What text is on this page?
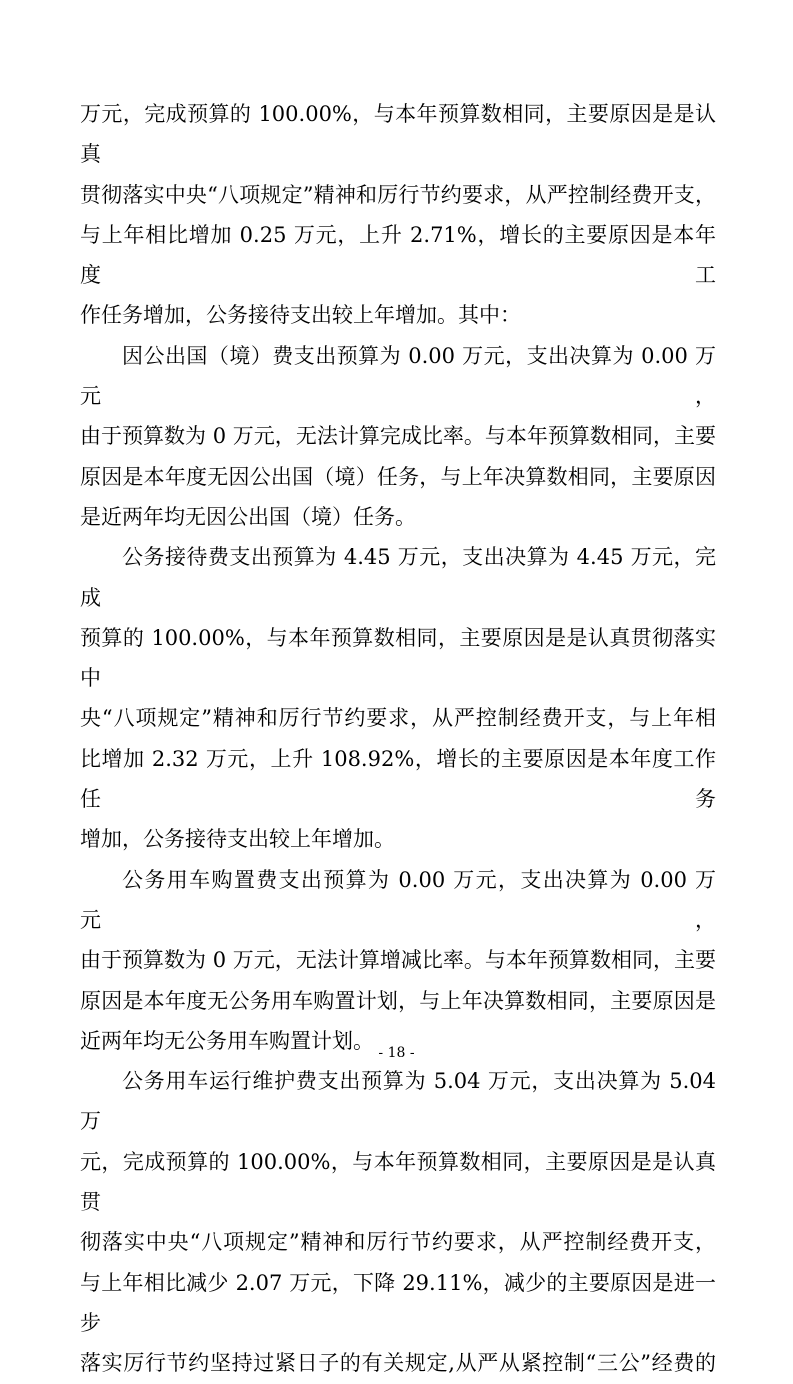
万元，完成预算的 100.00%，与本年预算数相同，主要原因是是认真

贯彻落实中央“八项规定”精神和厉行节约要求，从严控制经费开支，

与上年相比增加 0.25 万元，上升 2.71%，增长的主要原因是本年度工

作任务增加，公务接待支出较上年增加。其中：

因公出国（境）费支出预算为 0.00 万元，支出决算为 0.00 万元，

由于预算数为 0 万元，无法计算完成比率。与本年预算数相同，主要

原因是本年度无因公出国（境）任务，与上年决算数相同，主要原因

是近两年均无因公出国（境）任务。

公务接待费支出预算为 4.45 万元，支出决算为 4.45 万元，完成

预算的 100.00%，与本年预算数相同，主要原因是是认真贯彻落实中

央“八项规定”精神和厉行节约要求，从严控制经费开支，与上年相

比增加 2.32 万元，上升 108.92%，增长的主要原因是本年度工作任务

增加，公务接待支出较上年增加。

公务用车购置费支出预算为 0.00 万元，支出决算为 0.00 万元，

由于预算数为 0 万元，无法计算增减比率。与本年预算数相同，主要

原因是本年度无公务用车购置计划，与上年决算数相同，主要原因是

近两年均无公务用车购置计划。

公务用车运行维护费支出预算为 5.04 万元，支出决算为 5.04 万

元，完成预算的 100.00%，与本年预算数相同，主要原因是是认真贯

彻落实中央“八项规定”精神和厉行节约要求，从严控制经费开支，

与上年相比减少 2.07 万元，下降 29.11%，减少的主要原因是进一步

落实厉行节约坚持过紧日子的有关规定,从严从紧控制“三公”经费的

- 18 -
